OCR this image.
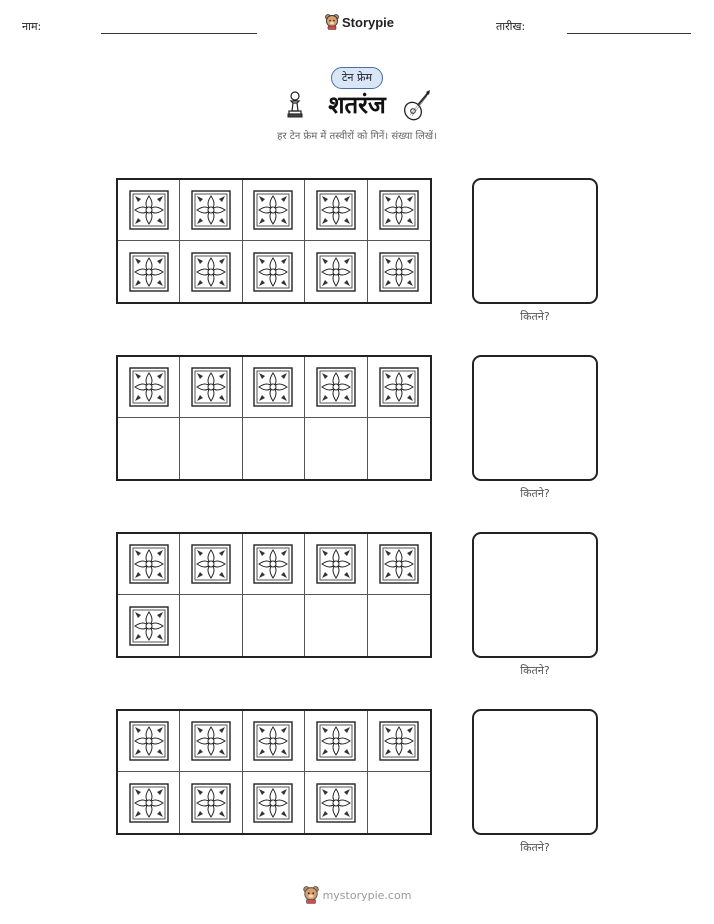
नाम:	Storypie	तारीख:
टेन फ्रेम
शतरंज
हर टेन फ्रेम में तस्वीरों को गिनें। संख्या लिखें।
कितने?
कितने?
कितने?
कितने?
mystorypie.com
